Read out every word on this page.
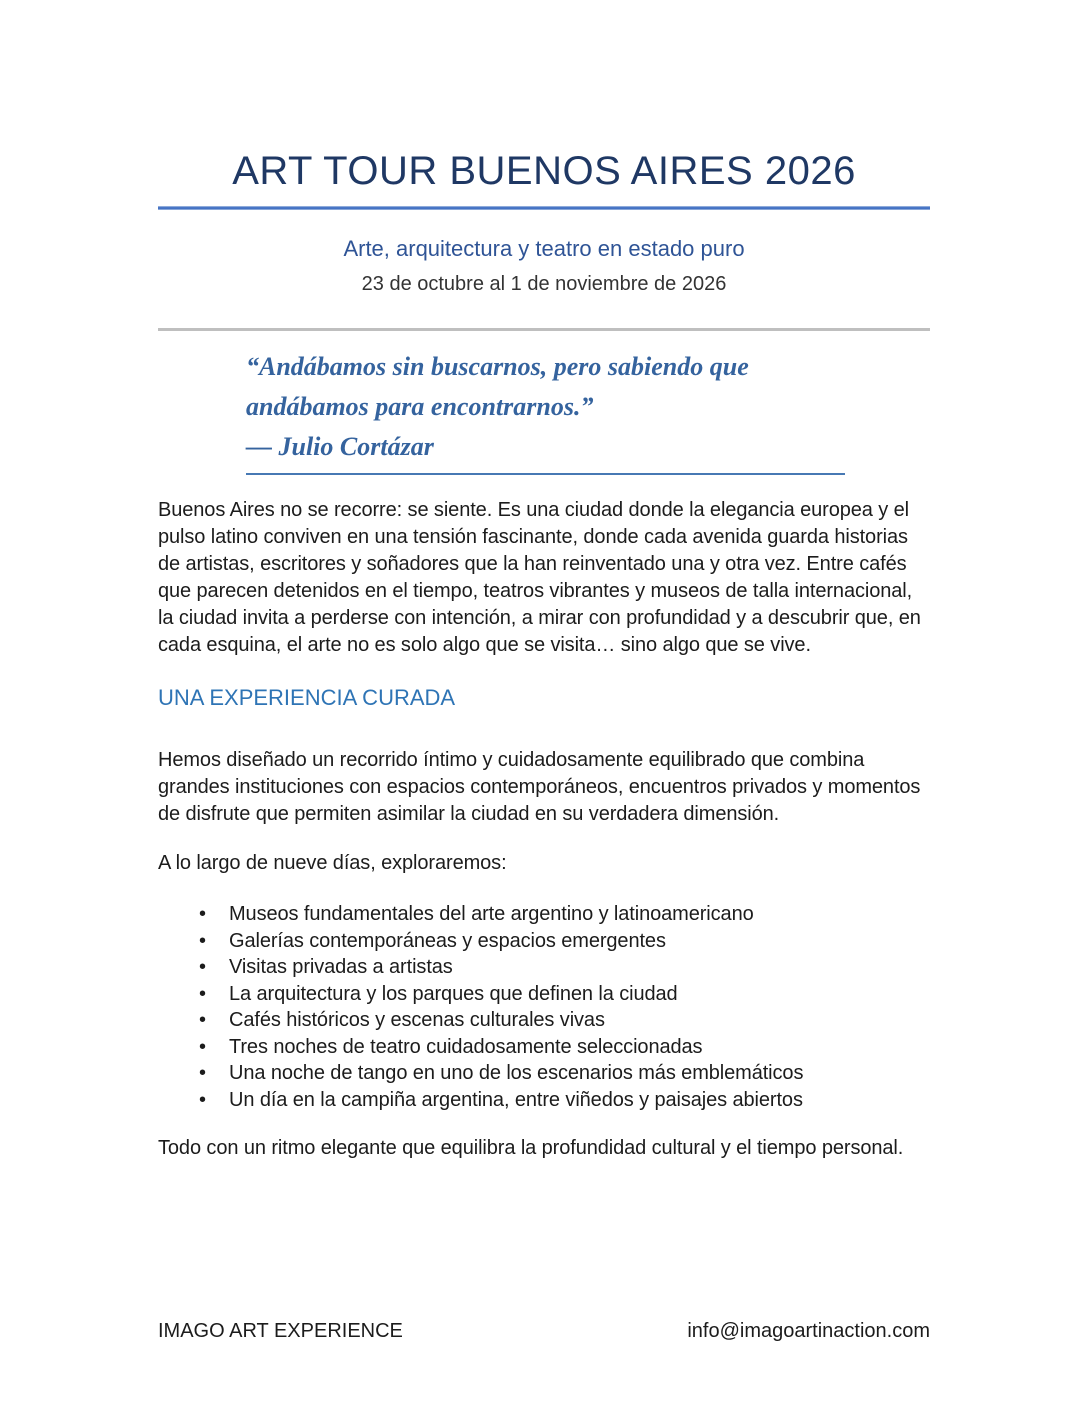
ART TOUR BUENOS AIRES 2026
Arte, arquitectura y teatro en estado puro
23 de octubre al 1 de noviembre de 2026
“Andábamos sin buscarnos, pero sabiendo que andábamos para encontrarnos.”
— Julio Cortázar

Buenos Aires no se recorre: se siente. Es una ciudad donde la elegancia europea y el pulso latino conviven en una tensión fascinante, donde cada avenida guarda historias de artistas, escritores y soñadores que la han reinventado una y otra vez. Entre cafés que parecen detenidos en el tiempo, teatros vibrantes y museos de talla internacional, la ciudad invita a perderse con intención, a mirar con profundidad y a descubrir que, en cada esquina, el arte no es solo algo que se visita… sino algo que se vive.

UNA EXPERIENCIA CURADA

Hemos diseñado un recorrido íntimo y cuidadosamente equilibrado que combina grandes instituciones con espacios contemporáneos, encuentros privados y momentos de disfrute que permiten asimilar la ciudad en su verdadera dimensión.

A lo largo de nueve días, exploraremos:

• Museos fundamentales del arte argentino y latinoamericano
• Galerías contemporáneas y espacios emergentes
• Visitas privadas a artistas
• La arquitectura y los parques que definen la ciudad
• Cafés históricos y escenas culturales vivas
• Tres noches de teatro cuidadosamente seleccionadas
• Una noche de tango en uno de los escenarios más emblemáticos
• Un día en la campiña argentina, entre viñedos y paisajes abiertos

Todo con un ritmo elegante que equilibra la profundidad cultural y el tiempo personal.

IMAGO ART EXPERIENCE	info@imagoartinaction.com
